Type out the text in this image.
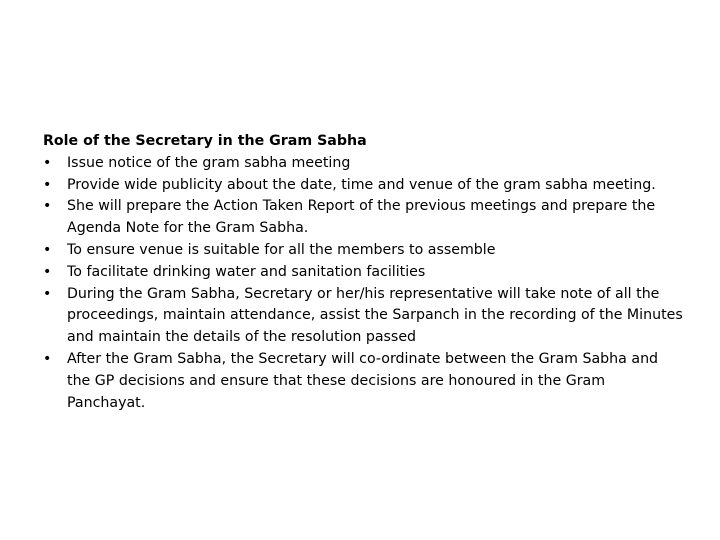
Role of the Secretary in the Gram Sabha

•	Issue notice of the gram sabha meeting
•	Provide wide publicity about the date, time and venue of the gram sabha meeting.
•	She will prepare the Action Taken Report of the previous meetings and prepare the Agenda Note for the Gram Sabha.
•	To ensure venue is suitable for all the members to assemble
•	To facilitate drinking water and sanitation facilities
•	During the Gram Sabha, Secretary or her/his representative will take note of all the proceedings, maintain attendance, assist the Sarpanch in the recording of the Minutes and maintain the details of the resolution passed
•	After the Gram Sabha, the Secretary will co-ordinate between the Gram Sabha and the GP decisions and ensure that these decisions are honoured in the Gram Panchayat.
